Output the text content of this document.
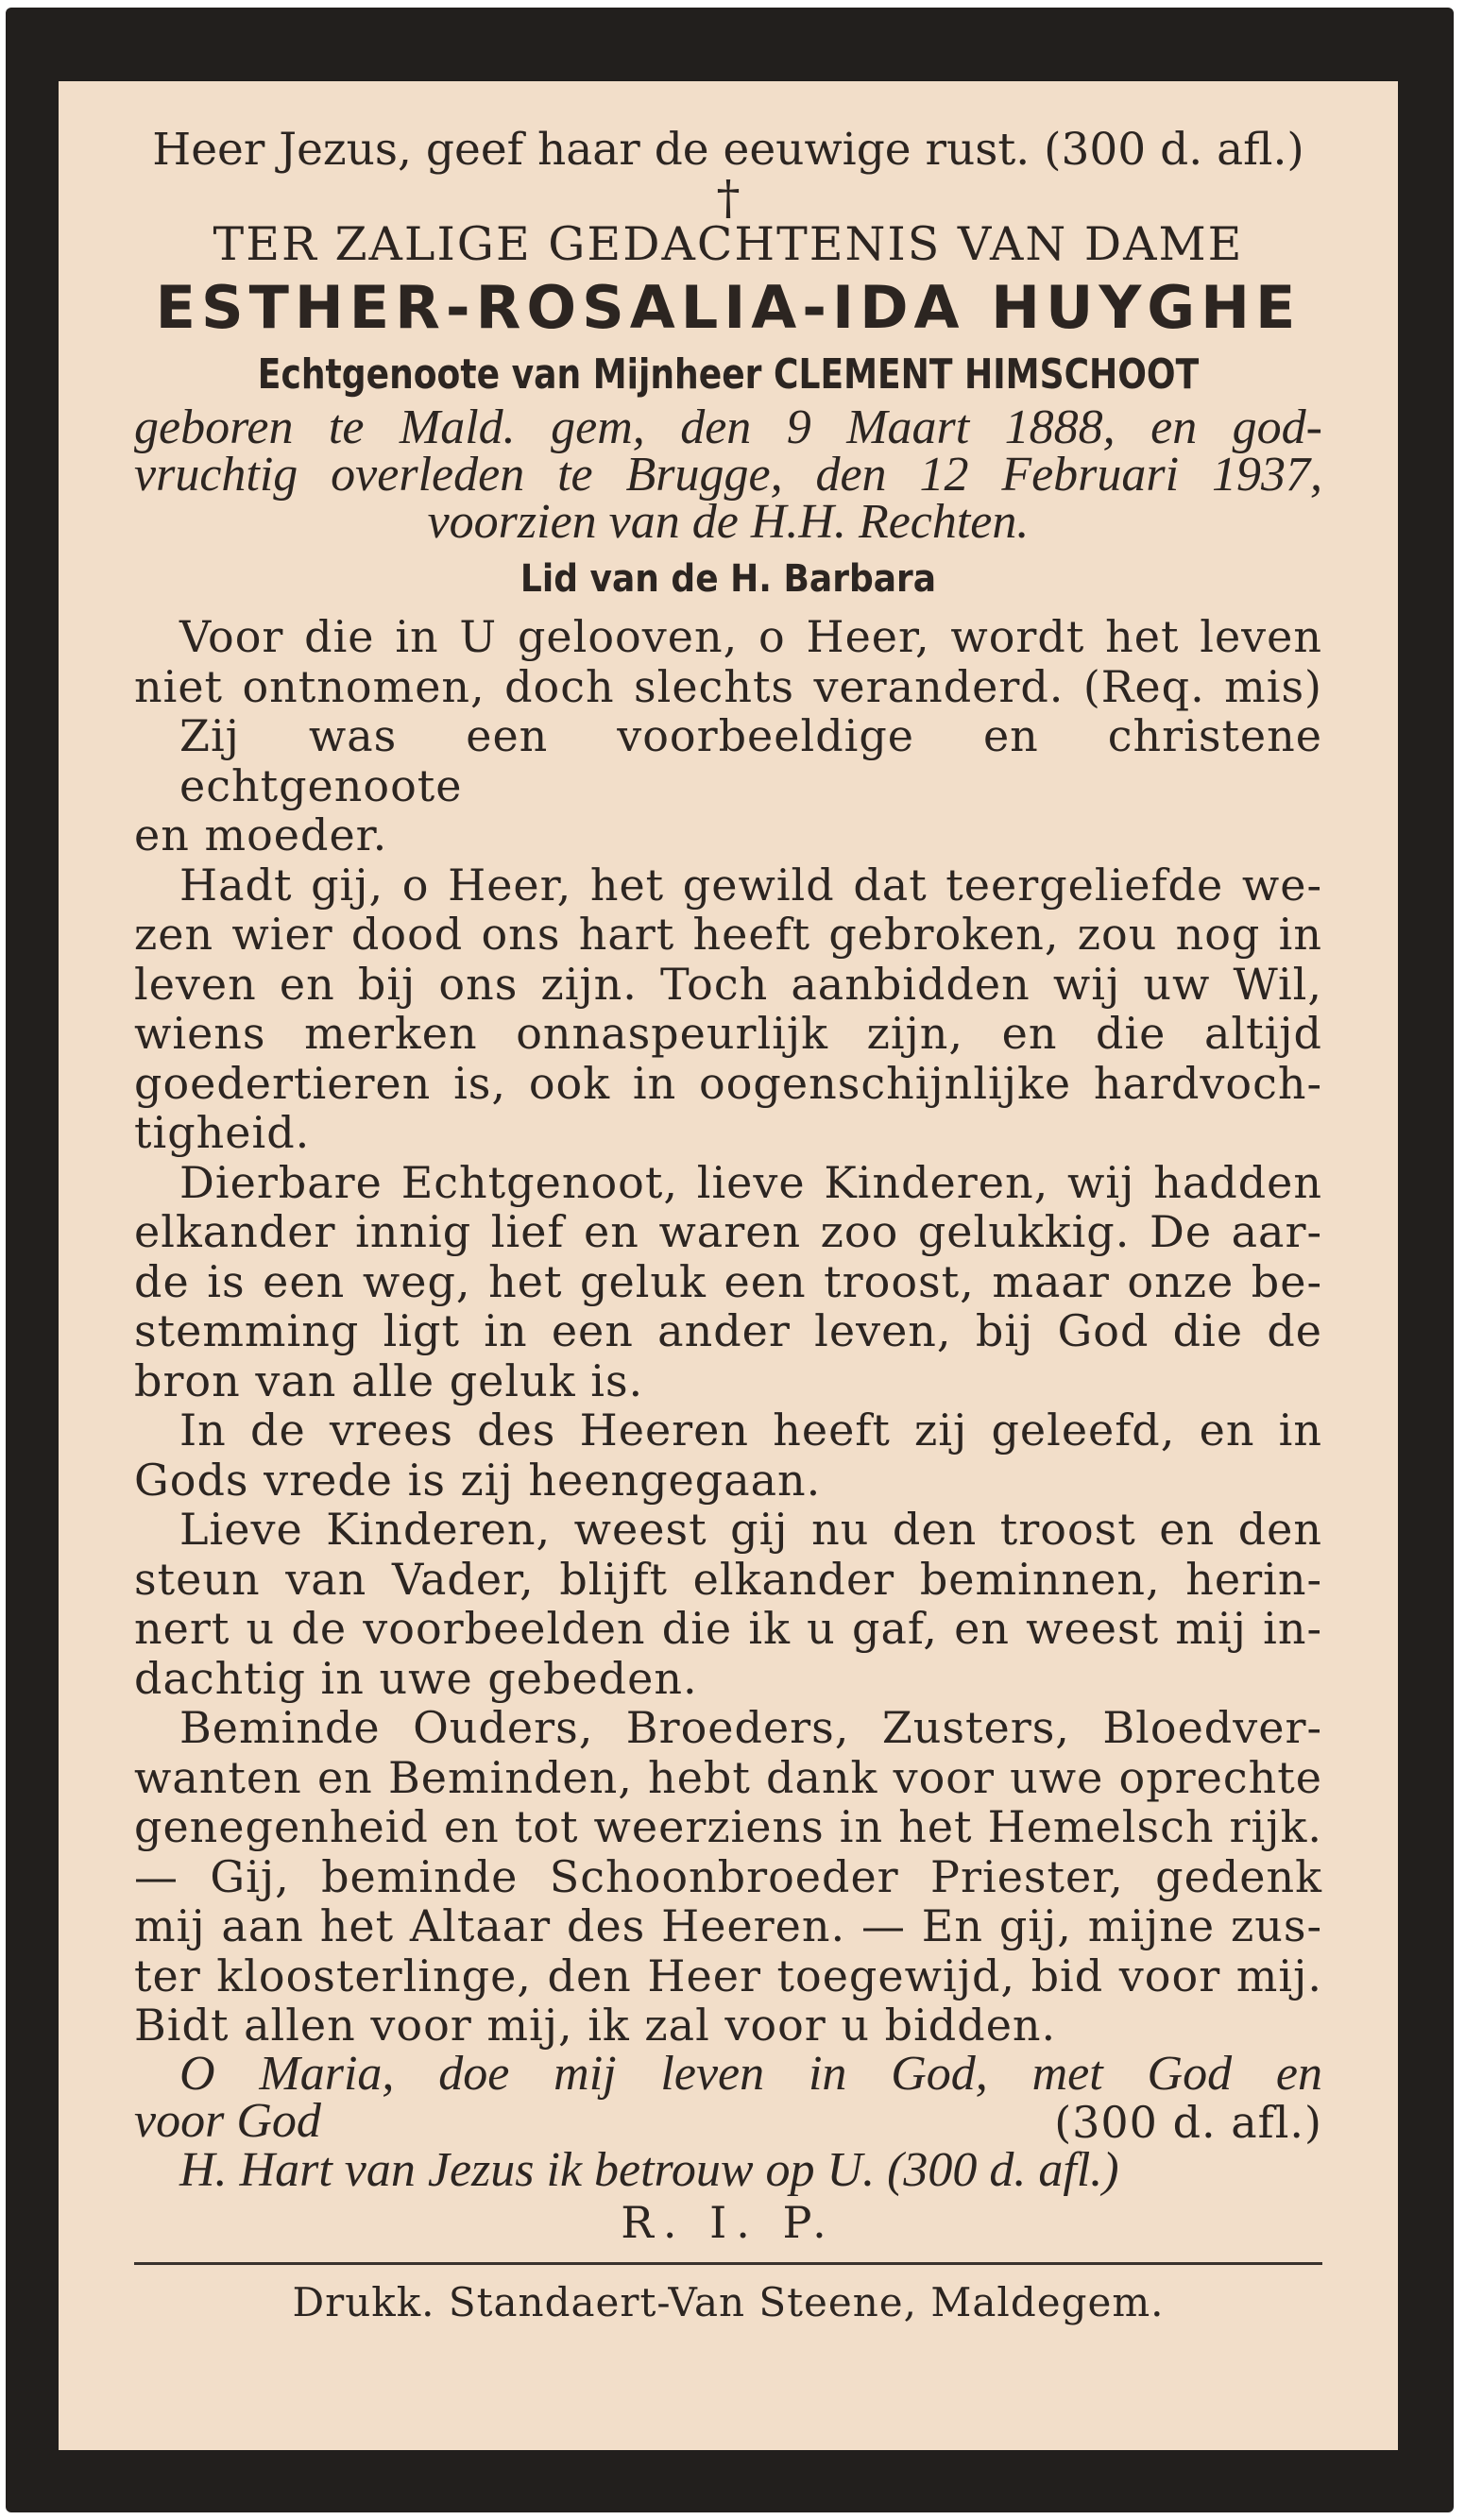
Heer Jezus, geef haar de eeuwige rust. (300 d. afl.)
†
TER ZALIGE GEDACHTENIS VAN DAME
ESTHER-ROSALIA-IDA HUYGHE
Echtgenoote van Mijnheer CLEMENT HIMSCHOOT
geboren te Mald. gem, den 9 Maart 1888, en god-
vruchtig overleden te Brugge, den 12 Februari 1937,
voorzien van de H.H. Rechten.
Lid van de H. Barbara
Voor die in U gelooven, o Heer, wordt het leven
niet ontnomen, doch slechts veranderd. (Req. mis)
Zij was een voorbeeldige en christene echtgenoote
en moeder.
Hadt gij, o Heer, het gewild dat teergeliefde we-
zen wier dood ons hart heeft gebroken, zou nog in
leven en bij ons zijn. Toch aanbidden wij uw Wil,
wiens merken onnaspeurlijk zijn, en die altijd
goedertieren is, ook in oogenschijnlijke hardvoch-
tigheid.
Dierbare Echtgenoot, lieve Kinderen, wij hadden
elkander innig lief en waren zoo gelukkig. De aar-
de is een weg, het geluk een troost, maar onze be-
stemming ligt in een ander leven, bij God die de
bron van alle geluk is.
In de vrees des Heeren heeft zij geleefd, en in
Gods vrede is zij heengegaan.
Lieve Kinderen, weest gij nu den troost en den
steun van Vader, blijft elkander beminnen, herin-
nert u de voorbeelden die ik u gaf, en weest mij in-
dachtig in uwe gebeden.
Beminde Ouders, Broeders, Zusters, Bloedver-
wanten en Beminden, hebt dank voor uwe oprechte
genegenheid en tot weerziens in het Hemelsch rijk.
— Gij, beminde Schoonbroeder Priester, gedenk
mij aan het Altaar des Heeren. — En gij, mijne zus-
ter kloosterlinge, den Heer toegewijd, bid voor mij.
Bidt allen voor mij, ik zal voor u bidden.
O Maria, doe mij leven in God, met God en
voor God	(300 d. afl.)
H. Hart van Jezus ik betrouw op U. (300 d. afl.)
R. I. P.
Drukk. Standaert-Van Steene, Maldegem.
